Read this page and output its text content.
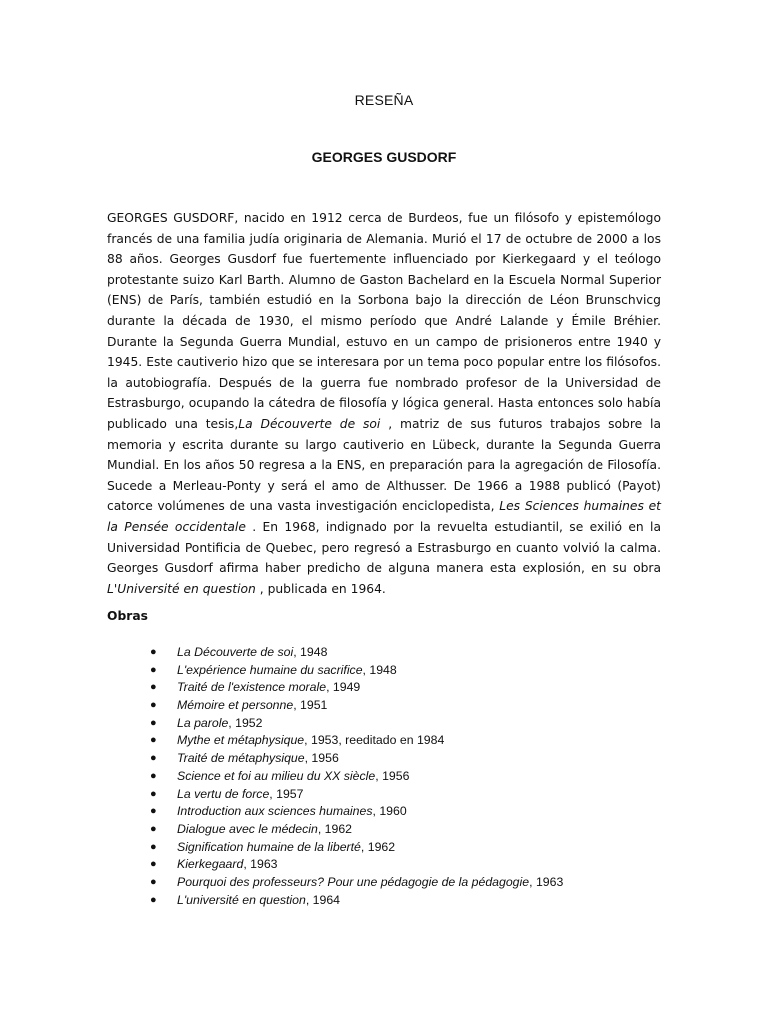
RESEÑA
GEORGES GUSDORF

GEORGES GUSDORF, nacido en 1912 cerca de Burdeos, fue un filósofo y epistemólogo francés de una familia judía originaria de Alemania. Murió el 17 de octubre de 2000 a los 88 años. Georges Gusdorf fue fuertemente influenciado por Kierkegaard y el teólogo protestante suizo Karl Barth. Alumno de Gaston Bachelard en la Escuela Normal Superior (ENS) de París, también estudió en la Sorbona bajo la dirección de Léon Brunschvicg durante la década de 1930, el mismo período que André Lalande y Émile Bréhier. Durante la Segunda Guerra Mundial, estuvo en un campo de prisioneros entre 1940 y 1945. Este cautiverio hizo que se interesara por un tema poco popular entre los filósofos. la autobiografía. Después de la guerra fue nombrado profesor de la Universidad de Estrasburgo, ocupando la cátedra de filosofía y lógica general. Hasta entonces solo había publicado una tesis,La Découverte de soi , matriz de sus futuros trabajos sobre la memoria y escrita durante su largo cautiverio en Lübeck, durante la Segunda Guerra Mundial. En los años 50 regresa a la ENS, en preparación para la agregación de Filosofía. Sucede a Merleau-Ponty y será el amo de Althusser. De 1966 a 1988 publicó (Payot) catorce volúmenes de una vasta investigación enciclopedista, Les Sciences humaines et la Pensée occidentale . En 1968, indignado por la revuelta estudiantil, se exilió en la Universidad Pontificia de Quebec, pero regresó a Estrasburgo en cuanto volvió la calma. Georges Gusdorf afirma haber predicho de alguna manera esta explosión, en su obra L'Université en question , publicada en 1964.

Obras
● La Découverte de soi, 1948
● L'expérience humaine du sacrifice, 1948
● Traité de l'existence morale, 1949
● Mémoire et personne, 1951
● La parole, 1952
● Mythe et métaphysique, 1953, reeditado en 1984
● Traité de métaphysique, 1956
● Science et foi au milieu du XX siècle, 1956
● La vertu de force, 1957
● Introduction aux sciences humaines, 1960
● Dialogue avec le médecin, 1962
● Signification humaine de la liberté, 1962
● Kierkegaard, 1963
● Pourquoi des professeurs? Pour une pédagogie de la pédagogie, 1963
● L'université en question, 1964
